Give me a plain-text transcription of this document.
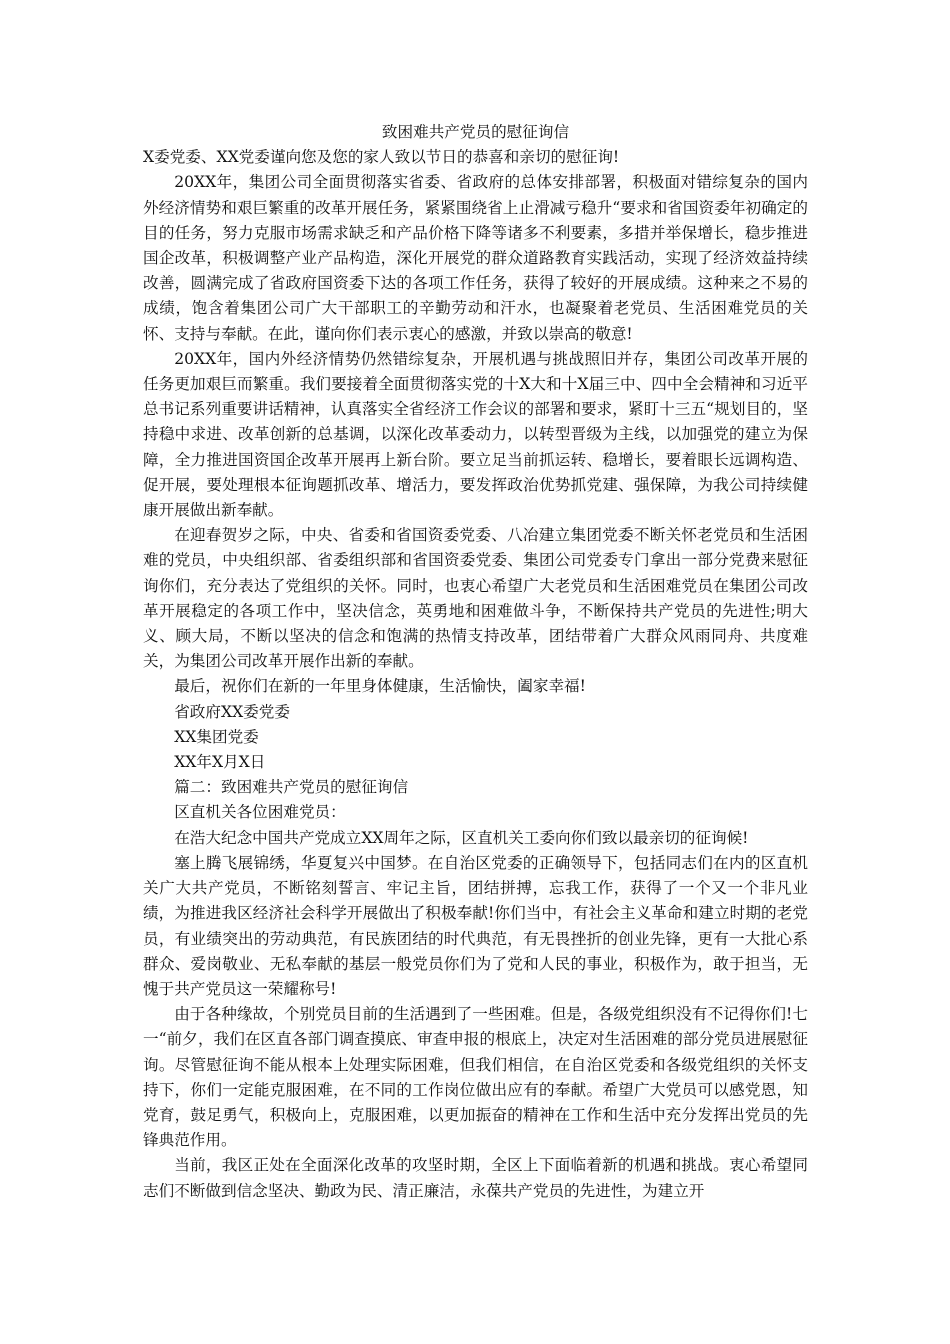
致困难共产党员的慰征询信

X委党委、XX党委谨向您及您的家人致以节日的恭喜和亲切的慰征询!

20XX年，集团公司全面贯彻落实省委、省政府的总体安排部署，积极面对错综复杂的国内外经济情势和艰巨繁重的改革开展任务，紧紧围绕省上止滑减亏稳升“要求和省国资委年初确定的目的任务，努力克服市场需求缺乏和产品价格下降等诸多不利要素，多措并举保增长，稳步推进国企改革，积极调整产业产品构造，深化开展党的群众道路教育实践活动，实现了经济效益持续改善，圆满完成了省政府国资委下达的各项工作任务，获得了较好的开展成绩。这种来之不易的成绩，饱含着集团公司广大干部职工的辛勤劳动和汗水，也凝聚着老党员、生活困难党员的关怀、支持与奉献。在此，谨向你们表示衷心的感激，并致以崇高的敬意!

20XX年，国内外经济情势仍然错综复杂，开展机遇与挑战照旧并存，集团公司改革开展的任务更加艰巨而繁重。我们要接着全面贯彻落实党的十X大和十X届三中、四中全会精神和习近平总书记系列重要讲话精神，认真落实全省经济工作会议的部署和要求，紧盯十三五“规划目的，坚持稳中求进、改革创新的总基调，以深化改革委动力，以转型晋级为主线，以加强党的建立为保障，全力推进国资国企改革开展再上新台阶。要立足当前抓运转、稳增长，要着眼长远调构造、促开展，要处理根本征询题抓改革、增活力，要发挥政治优势抓党建、强保障，为我公司持续健康开展做出新奉献。

在迎春贺岁之际，中央、省委和省国资委党委、八冶建立集团党委不断关怀老党员和生活困难的党员，中央组织部、省委组织部和省国资委党委、集团公司党委专门拿出一部分党费来慰征询你们，充分表达了党组织的关怀。同时，也衷心希望广大老党员和生活困难党员在集团公司改革开展稳定的各项工作中，坚决信念，英勇地和困难做斗争，不断保持共产党员的先进性;明大义、顾大局，不断以坚决的信念和饱满的热情支持改革，团结带着广大群众风雨同舟、共度难关，为集团公司改革开展作出新的奉献。

最后，祝你们在新的一年里身体健康，生活愉快，阖家幸福!

省政府XX委党委

XX集团党委

XX年X月X日

篇二：致困难共产党员的慰征询信

区直机关各位困难党员：

在浩大纪念中国共产党成立XX周年之际，区直机关工委向你们致以最亲切的征询候!

塞上腾飞展锦绣，华夏复兴中国梦。在自治区党委的正确领导下，包括同志们在内的区直机关广大共产党员，不断铭刻誓言、牢记主旨，团结拼搏，忘我工作，获得了一个又一个非凡业绩，为推进我区经济社会科学开展做出了积极奉献!你们当中，有社会主义革命和建立时期的老党员，有业绩突出的劳动典范，有民族团结的时代典范，有无畏挫折的创业先锋，更有一大批心系群众、爱岗敬业、无私奉献的基层一般党员你们为了党和人民的事业，积极作为，敢于担当，无愧于共产党员这一荣耀称号!

由于各种缘故，个别党员目前的生活遇到了一些困难。但是，各级党组织没有不记得你们!七一“前夕，我们在区直各部门调查摸底、审查申报的根底上，决定对生活困难的部分党员进展慰征询。尽管慰征询不能从根本上处理实际困难，但我们相信，在自治区党委和各级党组织的关怀支持下，你们一定能克服困难，在不同的工作岗位做出应有的奉献。希望广大党员可以感党恩，知党育，鼓足勇气，积极向上，克服困难，以更加振奋的精神在工作和生活中充分发挥出党员的先锋典范作用。

当前，我区正处在全面深化改革的攻坚时期，全区上下面临着新的机遇和挑战。衷心希望同志们不断做到信念坚决、勤政为民、清正廉洁，永葆共产党员的先进性，为建立开
